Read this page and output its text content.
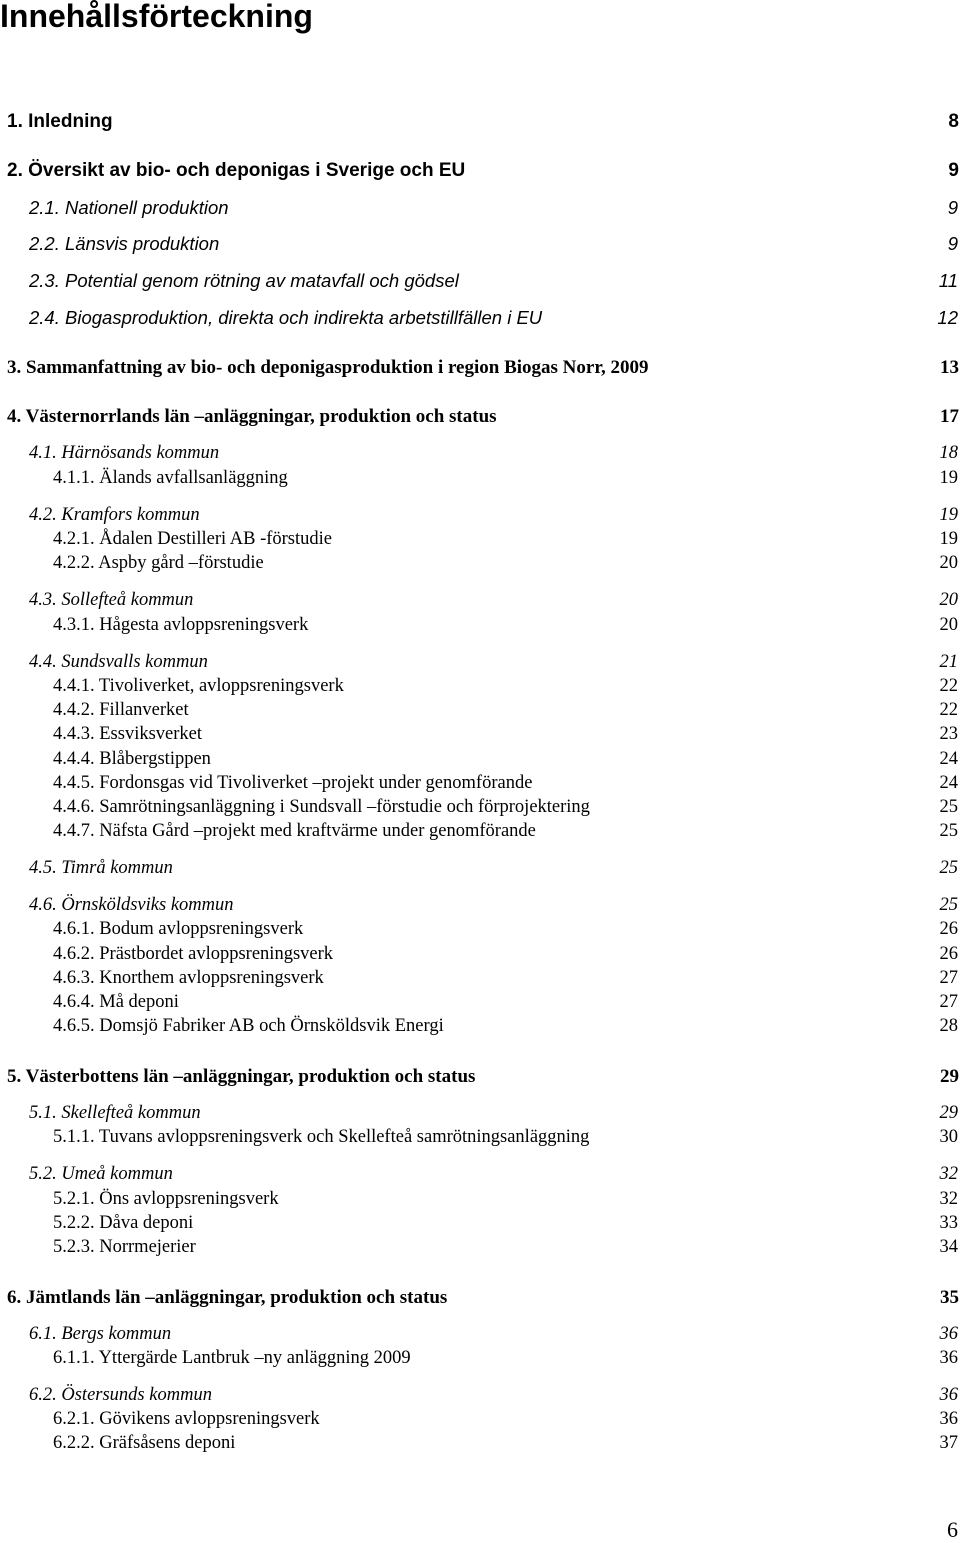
Innehållsförteckning
1. Inledning	8
2. Översikt av bio- och deponigas i Sverige och EU	9
2.1. Nationell produktion	9
2.2. Länsvis produktion	9
2.3. Potential genom rötning av matavfall och gödsel	11
2.4. Biogasproduktion, direkta och indirekta arbetstillfällen i EU	12
3. Sammanfattning av bio- och deponigasproduktion i region Biogas Norr, 2009	13
4. Västernorrlands län –anläggningar, produktion och status	17
4.1. Härnösands kommun	18
4.1.1. Älands avfallsanläggning	19
4.2. Kramfors kommun	19
4.2.1. Ådalen Destilleri AB -förstudie	19
4.2.2. Aspby gård –förstudie	20
4.3. Sollefteå kommun	20
4.3.1. Hågesta avloppsreningsverk	20
4.4. Sundsvalls kommun	21
4.4.1. Tivoliverket, avloppsreningsverk	22
4.4.2. Fillanverket	22
4.4.3. Essviksverket	23
4.4.4. Blåbergstippen	24
4.4.5. Fordonsgas vid Tivoliverket –projekt under genomförande	24
4.4.6. Samrötningsanläggning i Sundsvall –förstudie och förprojektering	25
4.4.7. Näfsta Gård –projekt med kraftvärme under genomförande	25
4.5. Timrå kommun	25
4.6. Örnsköldsviks kommun	25
4.6.1. Bodum avloppsreningsverk	26
4.6.2. Prästbordet avloppsreningsverk	26
4.6.3. Knorthem avloppsreningsverk	27
4.6.4. Må deponi	27
4.6.5. Domsjö Fabriker AB och Örnsköldsvik Energi	28
5. Västerbottens län –anläggningar, produktion och status	29
5.1. Skellefteå kommun	29
5.1.1. Tuvans avloppsreningsverk och Skellefteå samrötningsanläggning	30
5.2. Umeå kommun	32
5.2.1. Öns avloppsreningsverk	32
5.2.2. Dåva deponi	33
5.2.3. Norrmejerier	34
6. Jämtlands län –anläggningar, produktion och status	35
6.1. Bergs kommun	36
6.1.1. Yttergärde Lantbruk –ny anläggning 2009	36
6.2. Östersunds kommun	36
6.2.1. Gövikens avloppsreningsverk	36
6.2.2. Gräfsåsens deponi	37
6
